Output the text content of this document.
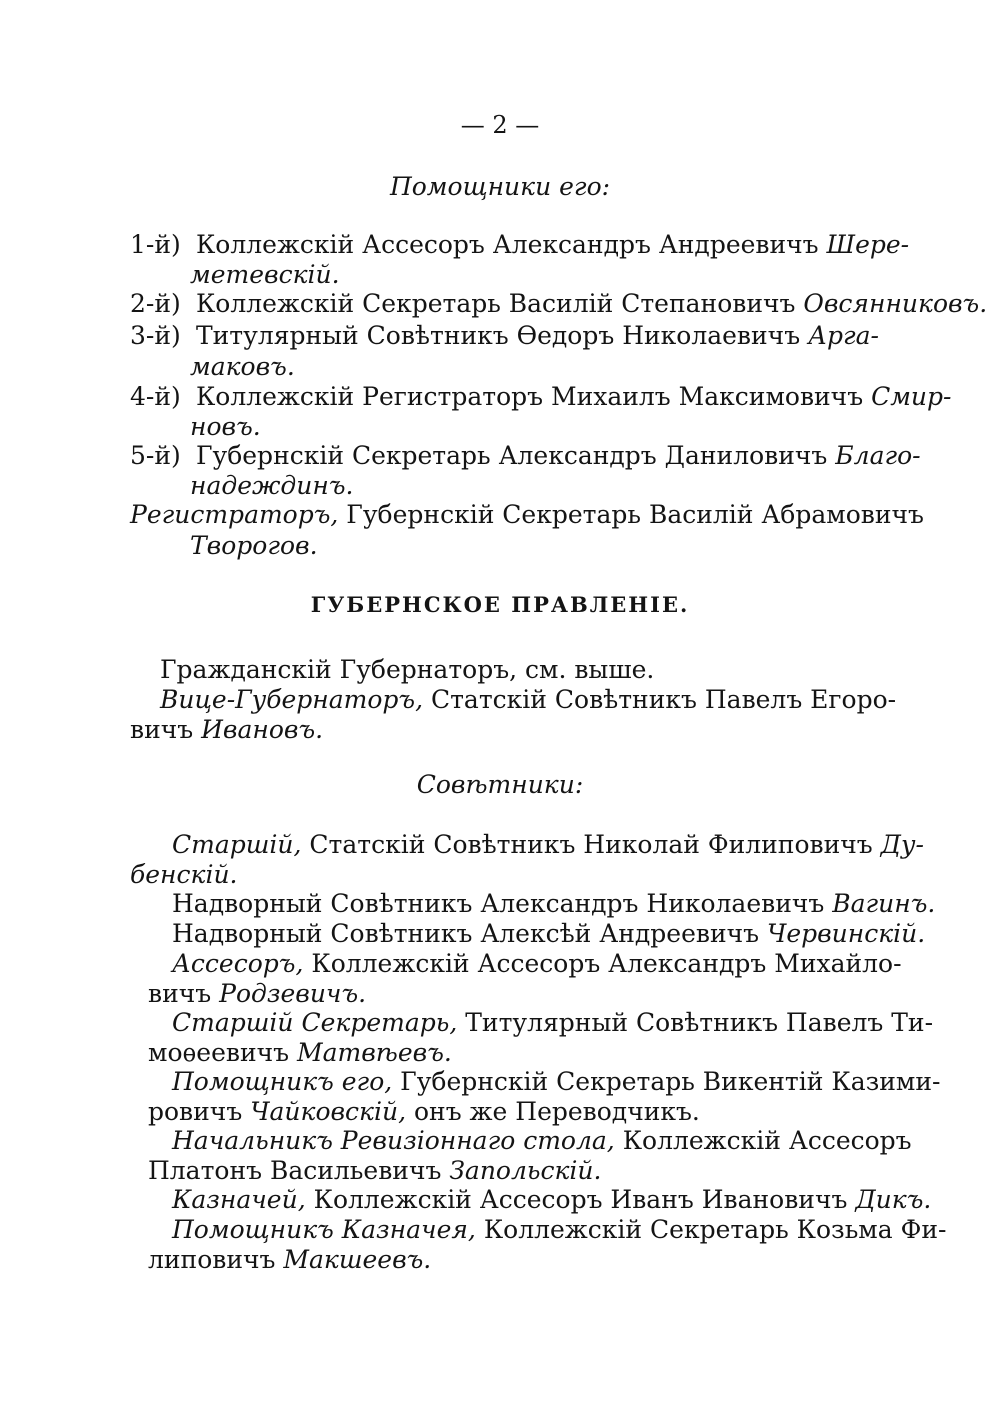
— 2 —
Помощники его:
1-й) Коллежскій Ассесоръ Александръ Андреевичъ Шере-
метевскій.
2-й) Коллежскій Секретарь Василій Степановичъ Овсянниковъ.
3-й) Титулярный Совѣтникъ Ѳедоръ Николаевичъ Арга-
маковъ.
4-й) Коллежскій Регистраторъ Михаилъ Максимовичъ Смир-
новъ.
5-й) Губернскій Секретарь Александръ Даниловичъ Благо-
надеждинъ.
Регистраторъ, Губернскій Секретарь Василій Абрамовичъ
Творогов.
ГУБЕРНСКОЕ ПРАВЛЕНІЕ.
Гражданскій Губернаторъ, см. выше.
Вице-Губернаторъ, Статскій Совѣтникъ Павелъ Егоро-
вичъ Ивановъ.
Совѣтники:
Старшій, Статскій Совѣтникъ Николай Филиповичъ Ду-
бенскій.
Надворный Совѣтникъ Александръ Николаевичъ Вагинъ.
Надворный Совѣтникъ Алексѣй Андреевичъ Червинскій.
Ассесоръ, Коллежскій Ассесоръ Александръ Михайло-
вичъ Родзевичъ.
Старшій Секретарь, Титулярный Совѣтникъ Павелъ Ти-
моѳеевичъ Матвѣевъ.
Помощникъ его, Губернскій Секретарь Викентій Казими-
ровичъ Чайковскій, онъ же Переводчикъ.
Начальникъ Ревизіоннаго стола, Коллежскій Ассесоръ
Платонъ Васильевичъ Запольскій.
Казначей, Коллежскій Ассесоръ Иванъ Ивановичъ Дикъ.
Помощникъ Казначея, Коллежскій Секретарь Козьма Фи-
липовичъ Макшеевъ.
